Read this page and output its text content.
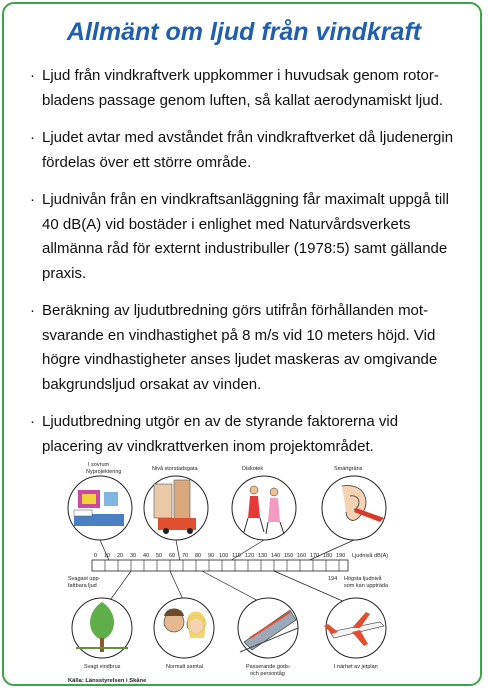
Allmänt om ljud från vindkraft
· Ljud från vindkraftverk uppkommer i huvudsak genom rotor-bladens passage genom luften, så kallat aerodynamiskt ljud.
· Ljudet avtar med avståndet från vindkraftverket då ljudenergin fördelas över ett större område.
· Ljudnivån från en vindkraftsanläggning får maximalt uppgå till 40 dB(A) vid bostäder i enlighet med Naturvårdsverkets allmänna råd för externt industribuller (1978:5) samt gällande praxis.
· Beräkning av ljudutbredning görs utifrån förhållanden mot-svarande en vindhastighet på 8 m/s vid 10 meters höjd. Vid högre vindhastigheter anses ljudet maskeras av omgivande bakgrundsljud orsakat av vinden.
· Ljudutbredning utgör en av de styrande faktorerna vid placering av vindkrattverken inom projektområdet.
I sovrum
Nyprojektering	Nivå storstadsgata	Diskotek	Smärtgräns
0 10 20 30 40 50 60 70 80 90 100 110 120 130 140 150 160 170 180 190 Ljudnivå dB(A)
Svagast upp-
fattbara ljud
194 Högsta ljudnivå
som kan uppträda
Svagt vindbrus	Normalt samtal	Passerande gods-
och persontåg
I närhet av jetplan
Källa: Länsstyrelsen i Skåne
